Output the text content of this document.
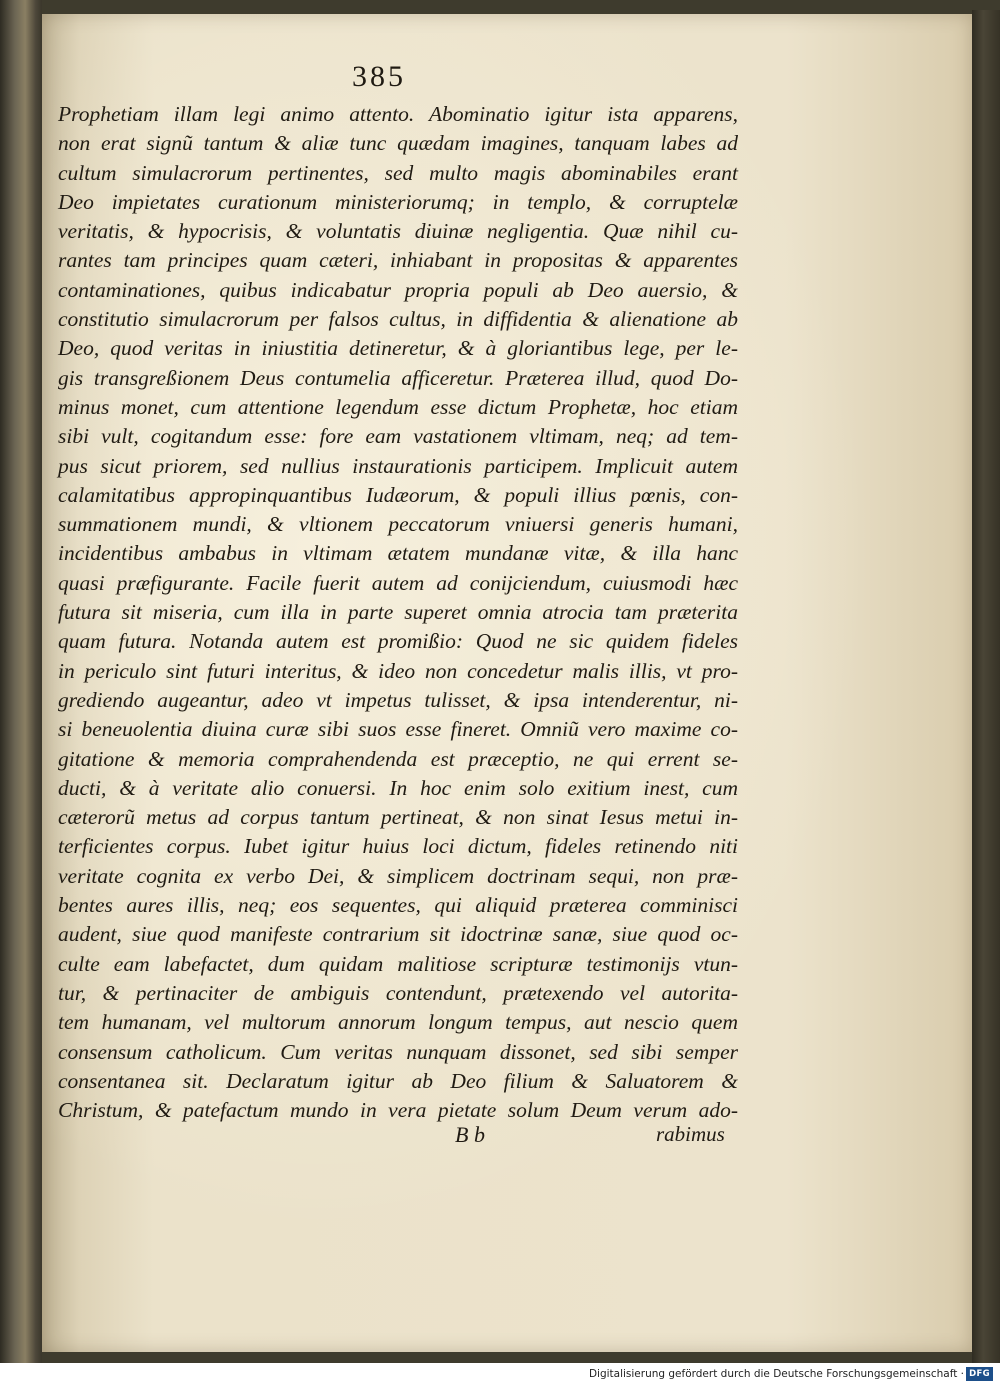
385
Prophetiam illam legi animo attento. Abominatio igitur ista apparens,
non erat signũ tantum & aliæ tunc quædam imagines, tanquam labes ad
cultum simulacrorum pertinentes, sed multo magis abominabiles erant
Deo impietates curationum ministeriorumq; in templo, & corruptelæ
veritatis, & hypocrisis, & voluntatis diuinæ negligentia. Quæ nihil cu-
rantes tam principes quam cæteri, inhiabant in propositas & apparentes
contaminationes, quibus indicabatur propria populi ab Deo auersio, &
constitutio simulacrorum per falsos cultus, in diffidentia & alienatione ab
Deo, quod veritas in iniustitia detineretur, & à gloriantibus lege, per le-
gis transgreßionem Deus contumelia afficeretur. Præterea illud, quod Do-
minus monet, cum attentione legendum esse dictum Prophetæ, hoc etiam
sibi vult, cogitandum esse: fore eam vastationem vltimam, neq; ad tem-
pus sicut priorem, sed nullius instaurationis participem. Implicuit autem
calamitatibus appropinquantibus Iudæorum, & populi illius pœnis, con-
summationem mundi, & vltionem peccatorum vniuersi generis humani,
incidentibus ambabus in vltimam ætatem mundanæ vitæ, & illa hanc
quasi præfigurante. Facile fuerit autem ad conijciendum, cuiusmodi hæc
futura sit miseria, cum illa in parte superet omnia atrocia tam præterita
quam futura. Notanda autem est promißio: Quod ne sic quidem fideles
in periculo sint futuri interitus, & ideo non concedetur malis illis, vt pro-
grediendo augeantur, adeo vt impetus tulisset, & ipsa intenderentur, ni-
si beneuolentia diuina curæ sibi suos esse fineret. Omniũ vero maxime co-
gitatione & memoria comprahendenda est præceptio, ne qui errent se-
ducti, & à veritate alio conuersi. In hoc enim solo exitium inest, cum
cæterorũ metus ad corpus tantum pertineat, & non sinat Iesus metui in-
terficientes corpus. Iubet igitur huius loci dictum, fideles retinendo niti
veritate cognita ex verbo Dei, & simplicem doctrinam sequi, non præ-
bentes aures illis, neq; eos sequentes, qui aliquid præterea comminisci
audent, siue quod manifeste contrarium sit idoctrinæ sanæ, siue quod oc-
culte eam labefactet, dum quidam malitiose scripturæ testimonijs vtun-
tur, & pertinaciter de ambiguis contendunt, prætexendo vel autorita-
tem humanam, vel multorum annorum longum tempus, aut nescio quem
consensum catholicum. Cum veritas nunquam dissonet, sed sibi semper
consentanea sit. Declaratum igitur ab Deo filium & Saluatorem &
Christum, & patefactum mundo in vera pietate solum Deum verum ado-
B b	rabimus
Digitalisierung gefördert durch die Deutsche Forschungsgemeinschaft · DFG
